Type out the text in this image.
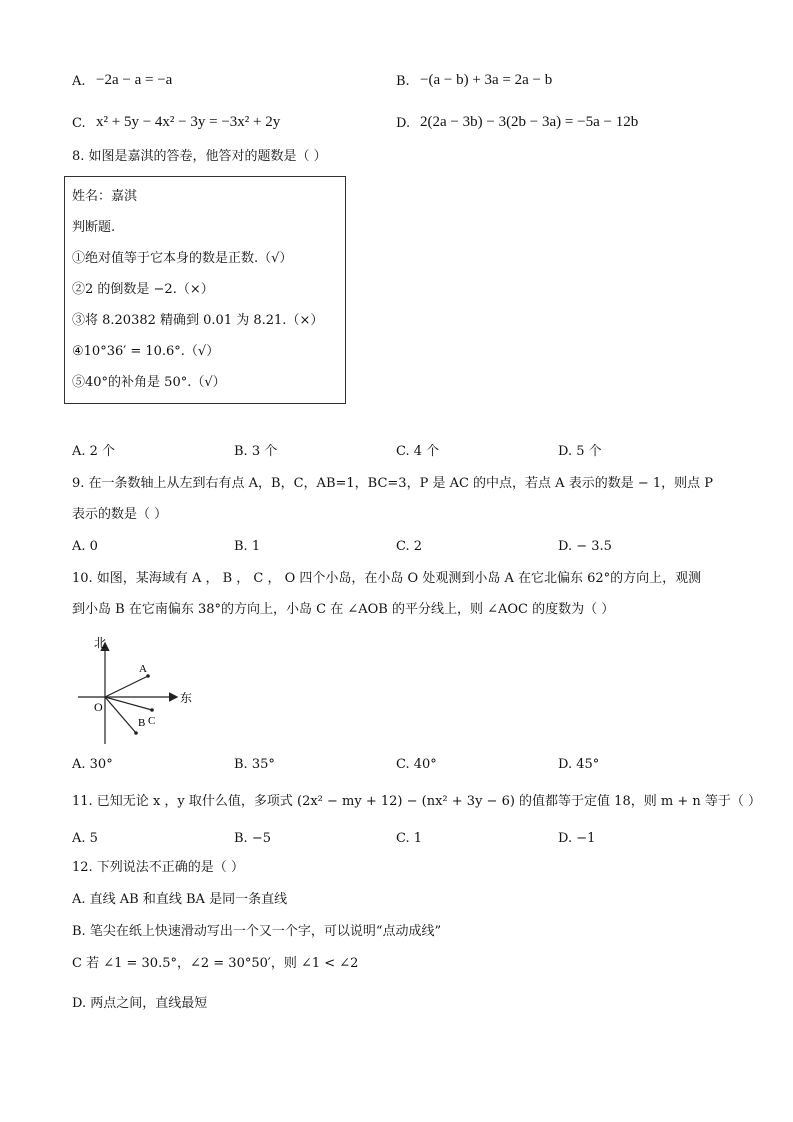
A. −2a − a = −a	B. −(a − b) + 3a = 2a − b
C. x² + 5y − 4x² − 3y = −3x² + 2y	D. 2(2a − 3b) − 3(2b − 3a) = −5a − 12b
8. 如图是嘉淇的答卷，他答对的题数是（ ）
姓名：嘉淇
判断题.
①绝对值等于它本身的数是正数.（√）
②2 的倒数是 −2.（×）
③将 8.20382 精确到 0.01 为 8.21.（×）
④10°36′ = 10.6°.（√）
⑤40°的补角是 50°.（√）
A. 2 个	B. 3 个	C. 4 个	D. 5 个
9. 在一条数轴上从左到右有点 A，B，C，AB=1，BC=3，P 是 AC 的中点，若点 A 表示的数是 − 1，则点 P
表示的数是（ ）
A. 0	B. 1	C. 2	D. − 3.5
10. 如图，某海域有 A ， B ， C ， O 四个小岛，在小岛 O 处观测到小岛 A 在它北偏东 62°的方向上，观测
到小岛 B 在它南偏东 38°的方向上，小岛 C 在 ∠AOB 的平分线上，则 ∠AOC 的度数为（ ）
北
东
O
A
C
B
A. 30°	B. 35°	C. 40°	D. 45°
11. 已知无论 x ，y 取什么值，多项式 (2x² − my + 12) − (nx² + 3y − 6) 的值都等于定值 18，则 m + n 等于（ ）
A. 5	B. −5	C. 1	D. −1
12. 下列说法不正确的是（ ）
A. 直线 AB 和直线 BA 是同一条直线
B. 笔尖在纸上快速滑动写出一个又一个字，可以说明“点动成线”
C 若 ∠1 = 30.5°，∠2 = 30°50′，则 ∠1 < ∠2
D. 两点之间，直线最短
